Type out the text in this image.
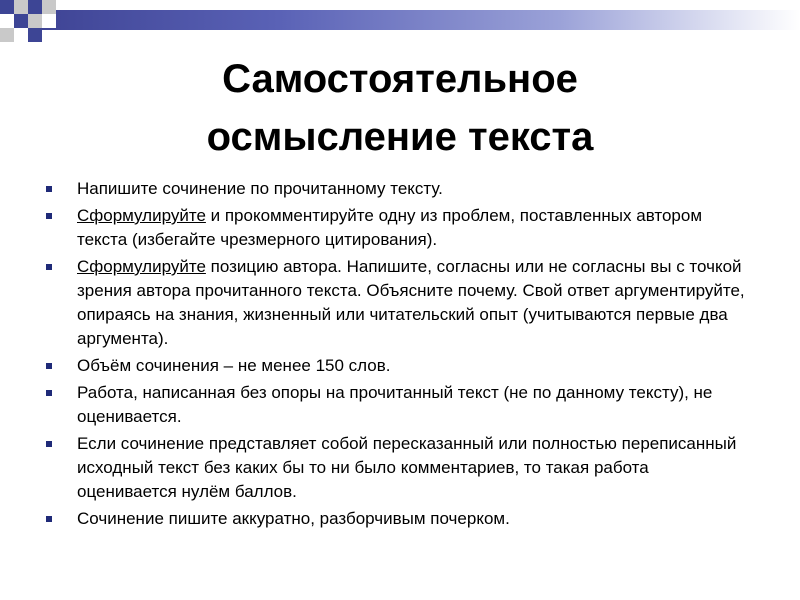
Самостоятельное
осмысление текста
Напишите сочинение по прочитанному тексту.
Сформулируйте и прокомментируйте одну из проблем, поставленных автором текста (избегайте чрезмерного цитирования).
Сформулируйте позицию автора. Напишите, согласны или не согласны вы с точкой зрения автора прочитанного текста. Объясните почему. Свой ответ аргументируйте, опираясь на знания, жизненный или читательский опыт (учитываются первые два аргумента).
Объём сочинения – не менее 150 слов.
Работа, написанная без опоры на прочитанный текст (не по данному тексту), не оценивается.
Если сочинение представляет собой пересказанный или полностью переписанный исходный текст без каких бы то ни было комментариев, то такая работа оценивается нулём баллов.
Сочинение пишите аккуратно, разборчивым почерком.
